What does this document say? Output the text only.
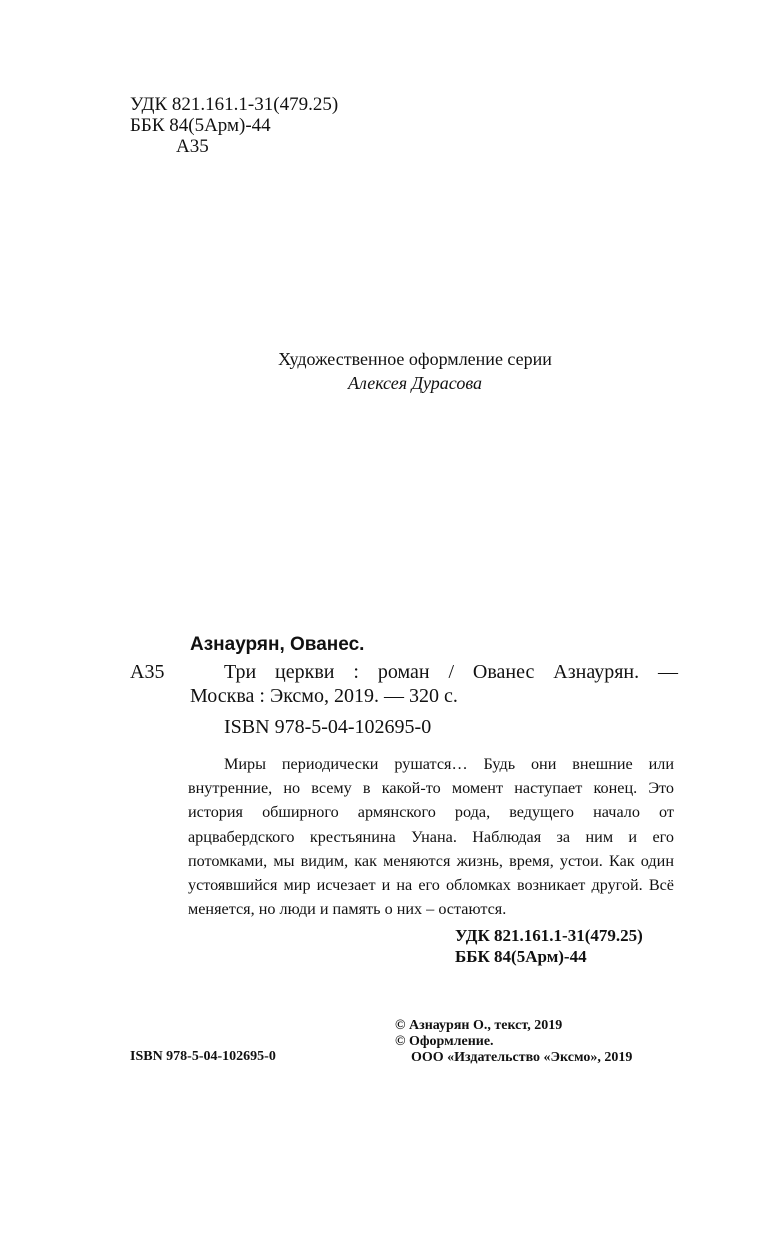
УДК 821.161.1-31(479.25)
ББК 84(5Арм)-44
А35
Художественное оформление серии
Алексея Дурасова
Азнаурян, Ованес.
А35	Три церкви : роман / Ованес Азнаурян. —
Москва : Эксмо, 2019. — 320 с.
ISBN 978-5-04-102695-0
Миры периодически рушатся… Будь они внешние или внутренние, но всему в какой-то момент наступает конец. Это история обширного армянского рода, ведущего начало от арцвабердского крестьянина Унана. Наблюдая за ним и его потомками, мы видим, как меняются жизнь, время, устои. Как один устоявшийся мир исчезает и на его обломках возникает другой. Всё меняется, но люди и память о них – остаются.
УДК 821.161.1-31(479.25)
ББК 84(5Арм)-44
© Азнаурян О., текст, 2019
© Оформление.
ООО «Издательство «Эксмо», 2019
ISBN 978-5-04-102695-0
